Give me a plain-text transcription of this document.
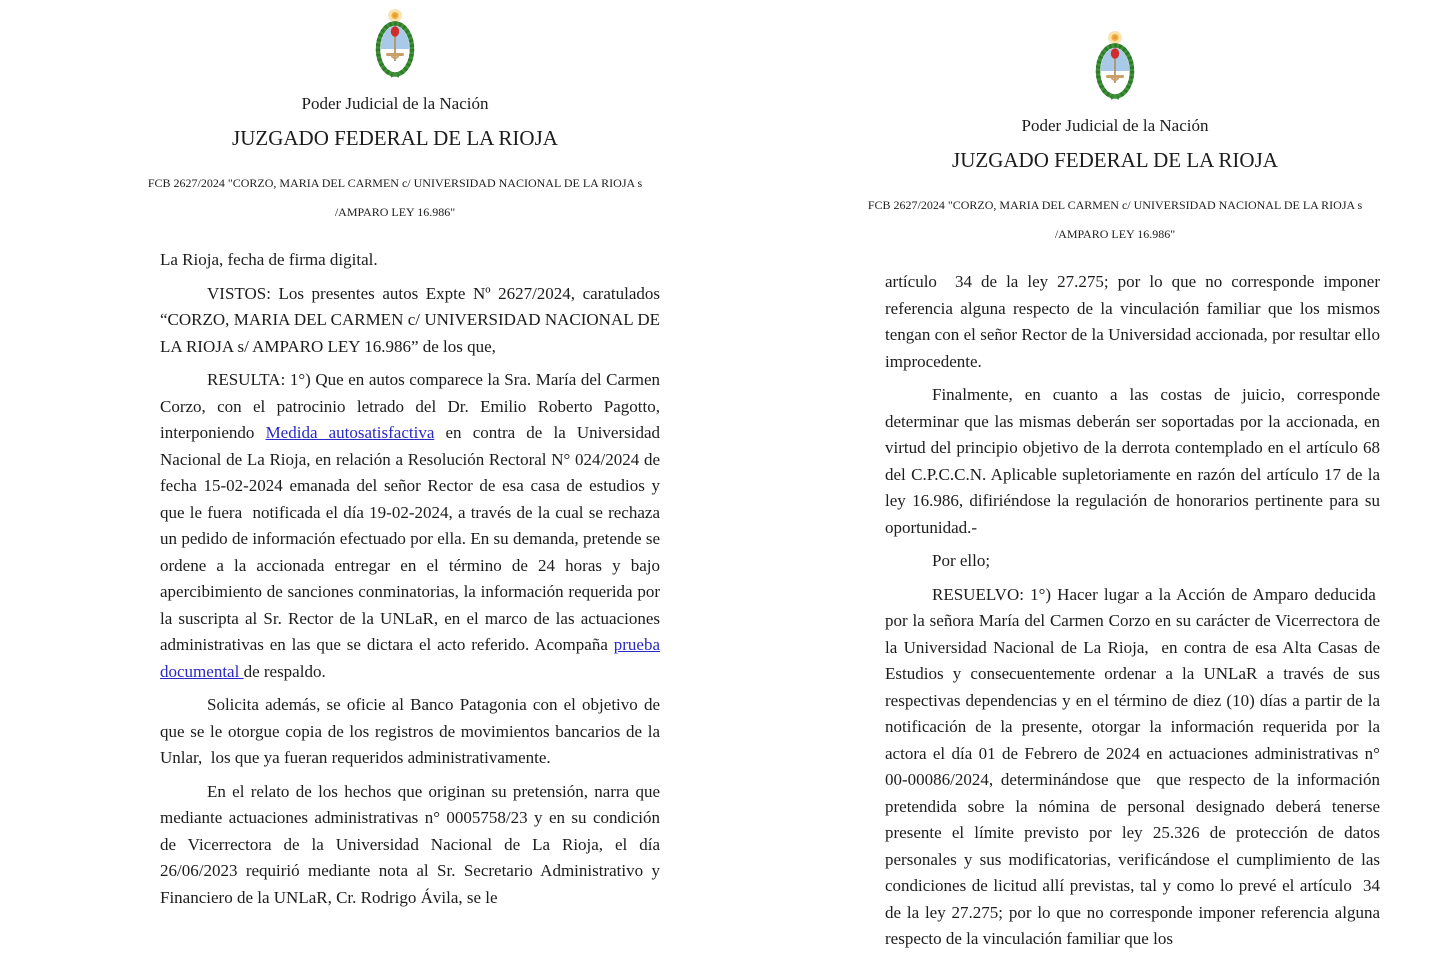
Poder Judicial de la Nación
JUZGADO FEDERAL DE LA RIOJA
FCB 2627/2024 "CORZO, MARIA DEL CARMEN c/ UNIVERSIDAD NACIONAL DE LA RIOJA s
/AMPARO LEY 16.986"

La Rioja, fecha de firma digital.

VISTOS: Los presentes autos Expte Nº 2627/2024, caratulados “CORZO, MARIA DEL CARMEN c/ UNIVERSIDAD NACIONAL DE LA RIOJA s/ AMPARO LEY 16.986” de los que,

RESULTA: 1°) Que en autos comparece la Sra. María del Carmen Corzo, con el patrocinio letrado del Dr. Emilio Roberto Pagotto, interponiendo Medida autosatisfactiva en contra de la Universidad Nacional de La Rioja, en relación a Resolución Rectoral N° 024/2024 de fecha 15-02-2024 emanada del señor Rector de esa casa de estudios y que le fuera  notificada el día 19-02-2024, a través de la cual se rechaza un pedido de información efectuado por ella. En su demanda, pretende se ordene a la accionada entregar en el término de 24 horas y bajo apercibimiento de sanciones conminatorias, la información requerida por la suscripta al Sr. Rector de la UNLaR, en el marco de las actuaciones administrativas en las que se dictara el acto referido. Acompaña prueba documental de respaldo.

Solicita además, se oficie al Banco Patagonia con el objetivo de que se le otorgue copia de los registros de movimientos bancarios de la Unlar,  los que ya fueran requeridos administrativamente.

En el relato de los hechos que originan su pretensión, narra que mediante actuaciones administrativas n° 0005758/23 y en su condición de Vicerrectora de la Universidad Nacional de La Rioja, el día 26/06/2023 requirió mediante nota al Sr. Secretario Administrativo y Financiero de la UNLaR, Cr. Rodrigo Ávila, se le

Poder Judicial de la Nación
JUZGADO FEDERAL DE LA RIOJA
FCB 2627/2024 "CORZO, MARIA DEL CARMEN c/ UNIVERSIDAD NACIONAL DE LA RIOJA s
/AMPARO LEY 16.986"

artículo  34 de la ley 27.275; por lo que no corresponde imponer referencia alguna respecto de la vinculación familiar que los mismos tengan con el señor Rector de la Universidad accionada, por resultar ello improcedente.

Finalmente, en cuanto a las costas de juicio, corresponde determinar que las mismas deberán ser soportadas por la accionada, en virtud del principio objetivo de la derrota contemplado en el artículo 68 del C.P.C.C.N. Aplicable supletoriamente en razón del artículo 17 de la ley 16.986, difiriéndose la regulación de honorarios pertinente para su oportunidad.-

Por ello;

RESUELVO: 1°) Hacer lugar a la Acción de Amparo deducida  por la señora María del Carmen Corzo en su carácter de Vicerrectora de la Universidad Nacional de La Rioja,  en contra de esa Alta Casas de Estudios y consecuentemente ordenar a la UNLaR a través de sus respectivas dependencias y en el término de diez (10) días a partir de la notificación de la presente, otorgar la información requerida por la actora el día 01 de Febrero de 2024 en actuaciones administrativas n° 00-00086/2024, determinándose que  que respecto de la información pretendida sobre la nómina de personal designado deberá tenerse presente el límite previsto por ley 25.326 de protección de datos personales y sus modificatorias, verificándose el cumplimiento de las condiciones de licitud allí previstas, tal y como lo prevé el artículo  34 de la ley 27.275; por lo que no corresponde imponer referencia alguna respecto de la vinculación familiar que los
